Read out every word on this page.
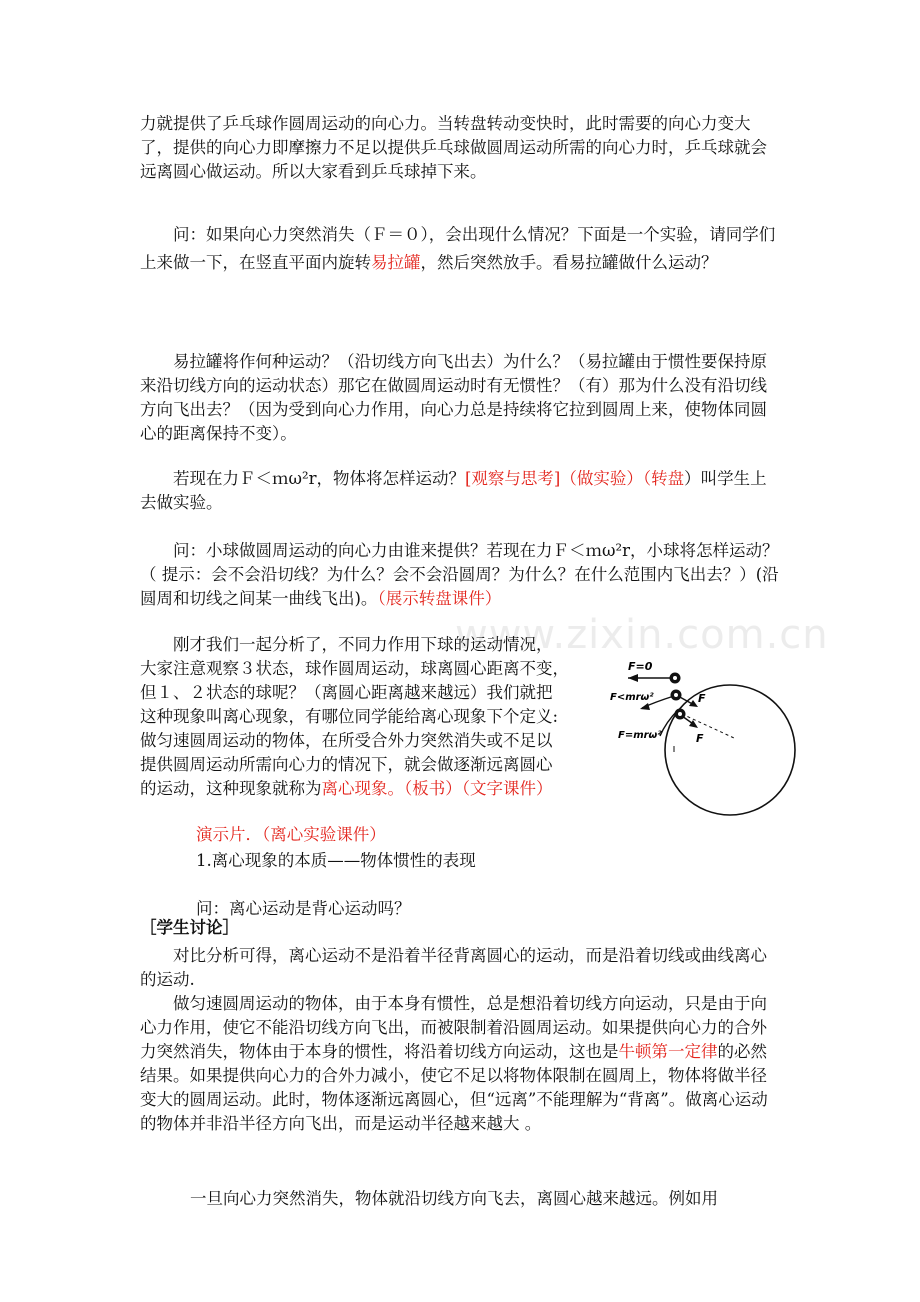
力就提供了乒乓球作圆周运动的向心力。当转盘转动变快时，此时需要的向心力变大了，提供的向心力即摩擦力不足以提供乒乓球做圆周运动所需的向心力时，乒乓球就会远离圆心做运动。所以大家看到乒乓球掉下来。

问：如果向心力突然消失（Ｆ＝０），会出现什么情况？下面是一个实验，请同学们上来做一下，在竖直平面内旋转易拉罐，然后突然放手。看易拉罐做什么运动？

易拉罐将作何种运动？（沿切线方向飞出去）为什么？（易拉罐由于惯性要保持原来沿切线方向的运动状态）那它在做圆周运动时有无惯性？（有）那为什么没有沿切线方向飞出去？（因为受到向心力作用，向心力总是持续将它拉到圆周上来，使物体同圆心的距离保持不变）。

若现在力Ｆ＜ｍω²r，物体将怎样运动？[观察与思考]（做实验）（转盘）叫学生上去做实验。

问：小球做圆周运动的向心力由谁来提供？若现在力Ｆ＜ｍω²r，小球将怎样运动？（ 提示：会不会沿切线？为什么？会不会沿圆周？为什么？在什么范围内飞出去？）(沿圆周和切线之间某一曲线飞出)。（展示转盘课件）

www.zixin.com.cn
刚才我们一起分析了，不同力作用下球的运动情况，
大家注意观察３状态，球作圆周运动，球离圆心距离不变，
但１、２状态的球呢？（离圆心距离越来越远）我们就把
这种现象叫离心现象，有哪位同学能给离心现象下个定义:
做匀速圆周运动的物体，在所受合外力突然消失或不足以
提供圆周运动所需向心力的情况下，就会做逐渐远离圆心
的运动，这种现象就称为离心现象。（板书）（文字课件）
F=0
F<mrω²
F=mrω²
F
F
演示片．（离心实验课件）
1.离心现象的本质——物体惯性的表现
问：离心运动是背心运动吗？
［学生讨论］

对比分析可得，离心运动不是沿着半径背离圆心的运动，而是沿着切线或曲线离心的运动.

做匀速圆周运动的物体，由于本身有惯性，总是想沿着切线方向运动，只是由于向心力作用，使它不能沿切线方向飞出，而被限制着沿圆周运动。如果提供向心力的合外力突然消失，物体由于本身的惯性，将沿着切线方向运动，这也是牛顿第一定律的必然结果。如果提供向心力的合外力减小，使它不足以将物体限制在圆周上，物体将做半径变大的圆周运动。此时，物体逐渐远离圆心，但“远离”不能理解为“背离”。做离心运动的物体并非沿半径方向飞出，而是运动半径越来越大 。

一旦向心力突然消失，物体就沿切线方向飞去，离圆心越来越远。例如用
